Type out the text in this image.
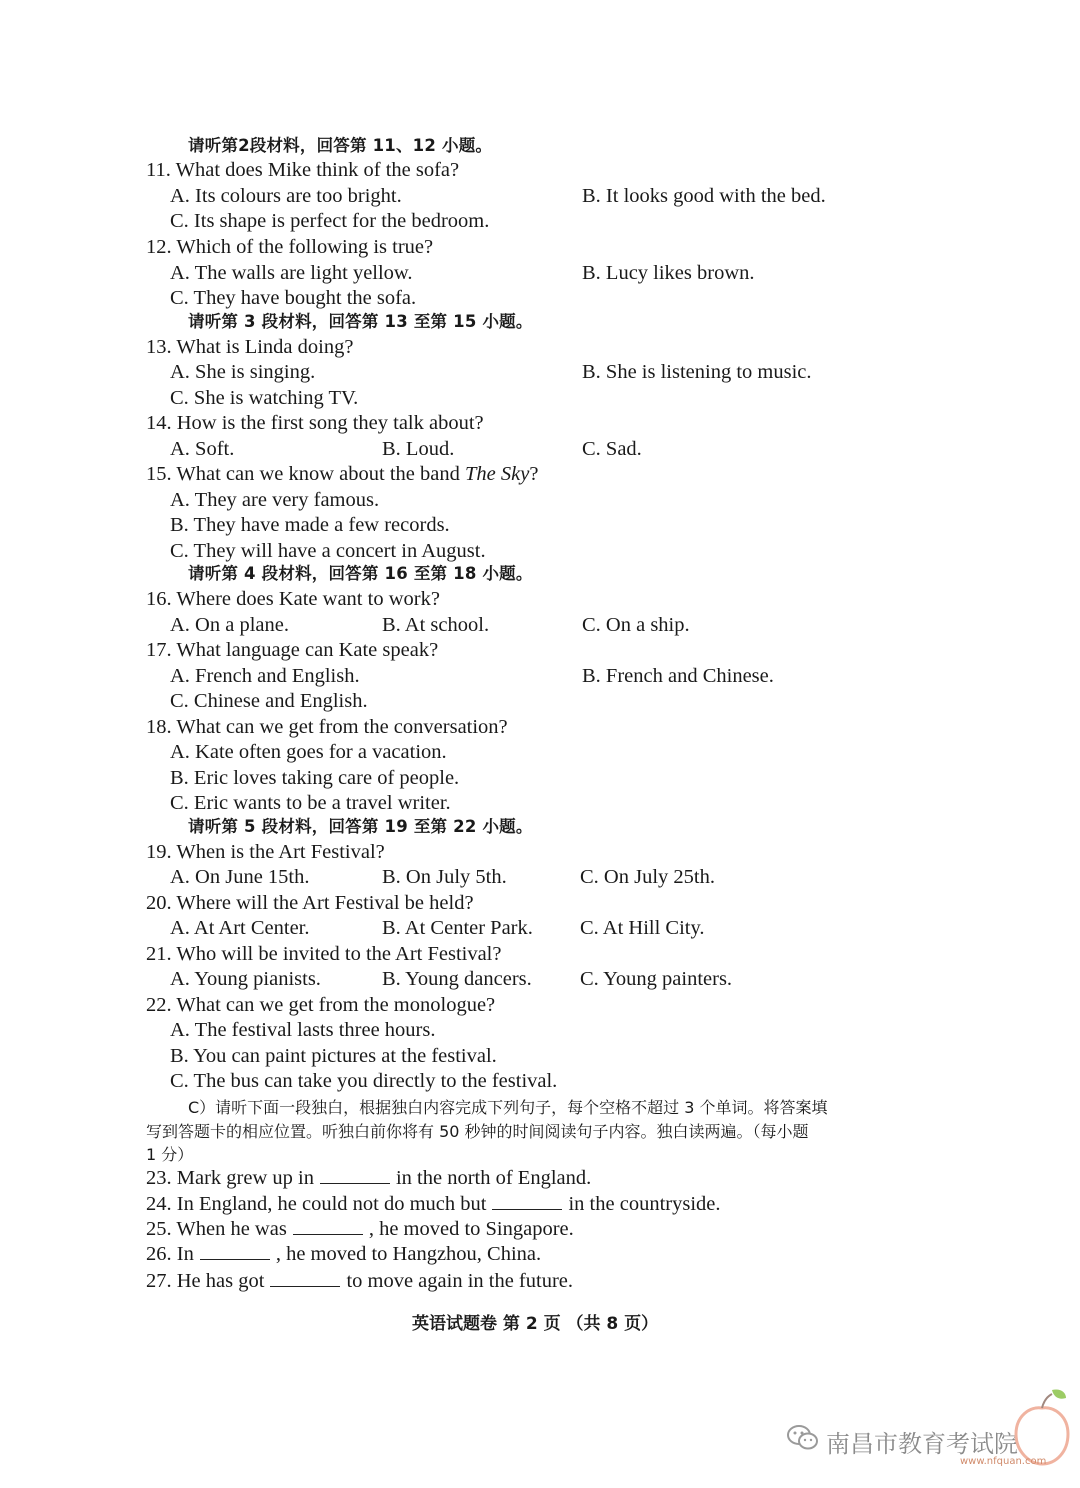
请听第2段材料，回答第 11、12 小题。
11. What does Mike think of the sofa?
A. Its colours are too bright.	B. It looks good with the bed.
C. Its shape is perfect for the bedroom.
12. Which of the following is true?
A. The walls are light yellow.	B. Lucy likes brown.
C. They have bought the sofa.
请听第 3 段材料，回答第 13 至第 15 小题。
13. What is Linda doing?
A. She is singing.	B. She is listening to music.
C. She is watching TV.
14. How is the first song they talk about?
A. Soft.	B. Loud.	C. Sad.
15. What can we know about the band The Sky?
A. They are very famous.
B. They have made a few records.
C. They will have a concert in August.
请听第 4 段材料，回答第 16 至第 18 小题。
16. Where does Kate want to work?
A. On a plane.	B. At school.	C. On a ship.
17. What language can Kate speak?
A. French and English.	B. French and Chinese.
C. Chinese and English.
18. What can we get from the conversation?
A. Kate often goes for a vacation.
B. Eric loves taking care of people.
C. Eric wants to be a travel writer.
请听第 5 段材料，回答第 19 至第 22 小题。
19. When is the Art Festival?
A. On June 15th.	B. On July 5th.	C. On July 25th.
20. Where will the Art Festival be held?
A. At Art Center.	B. At Center Park. C. At Hill City.
21. Who will be invited to the Art Festival?
A. Young pianists.	B. Young dancers. C. Young painters.
22. What can we get from the monologue?
A. The festival lasts three hours.
B. You can paint pictures at the festival.
C. The bus can take you directly to the festival.
C）请听下面一段独白，根据独白内容完成下列句子，每个空格不超过 3 个单词。将答案填
写到答题卡的相应位置。听独白前你将有 50 秒钟的时间阅读句子内容。独白读两遍。（每小题
1 分）
23. Mark grew up in	in the north of England.
24. In England, he could not do much but	in the countryside.
25. When he was	, he moved to Singapore.
26. In	, he moved to Hangzhou, China.
27. He has got	to move again in the future.
英语试题卷 第 2 页 （共 8 页）
南昌市教育考试院
www.nfquan.com
